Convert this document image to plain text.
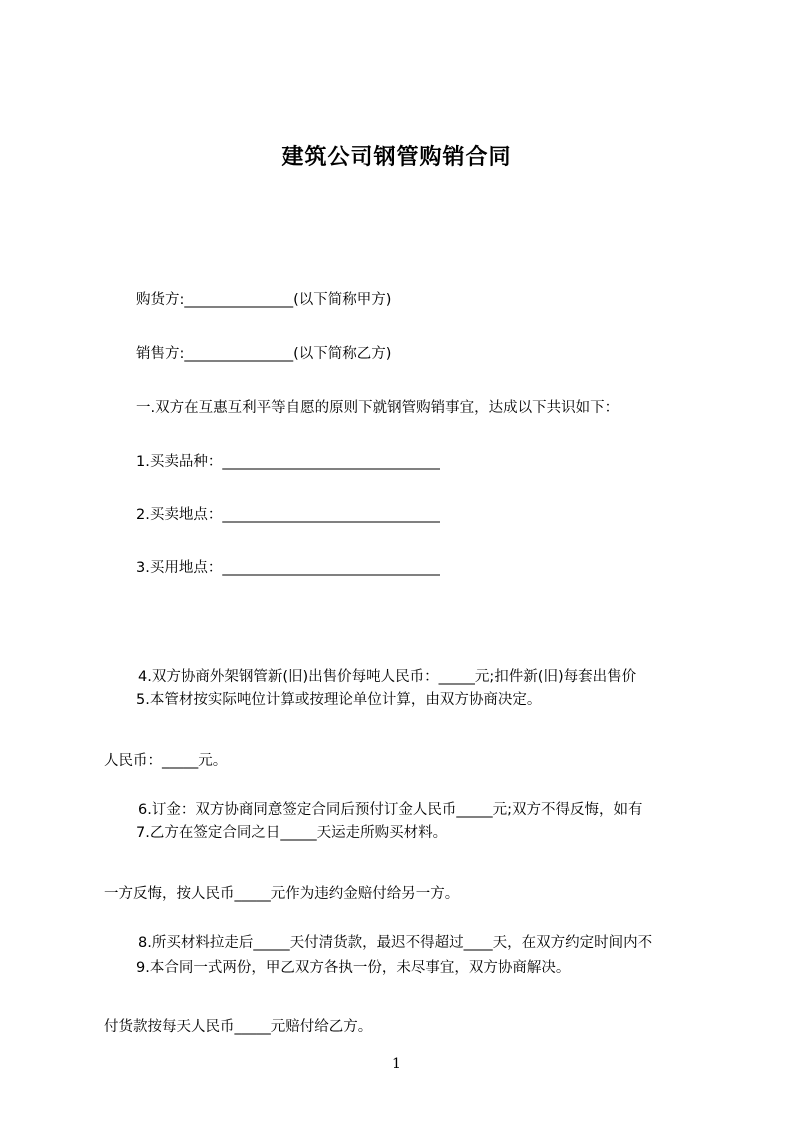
建筑公司钢管购销合同
购货方:_______________(以下简称甲方)
销售方:_______________(以下简称乙方)
一.双方在互惠互利平等自愿的原则下就钢管购销事宜，达成以下共识如下：
1.买卖品种：______________________________
2.买卖地点：______________________________
3.买用地点：______________________________

4.双方协商外架钢管新(旧)出售价每吨人民币：_____元;扣件新(旧)每套出售价

人民币：_____元。

5.本管材按实际吨位计算或按理论单位计算，由双方协商决定。

6.订金：双方协商同意签定合同后预付订金人民币_____元;双方不得反悔，如有

一方反悔，按人民币_____元作为违约金赔付给另一方。

7.乙方在签定合同之日_____天运走所购买材料。

8.所买材料拉走后_____天付清货款，最迟不得超过____天，在双方约定时间内不

付货款按每天人民币_____元赔付给乙方。

9.本合同一式两份，甲乙双方各执一份，未尽事宜，双方协商解决。
1
